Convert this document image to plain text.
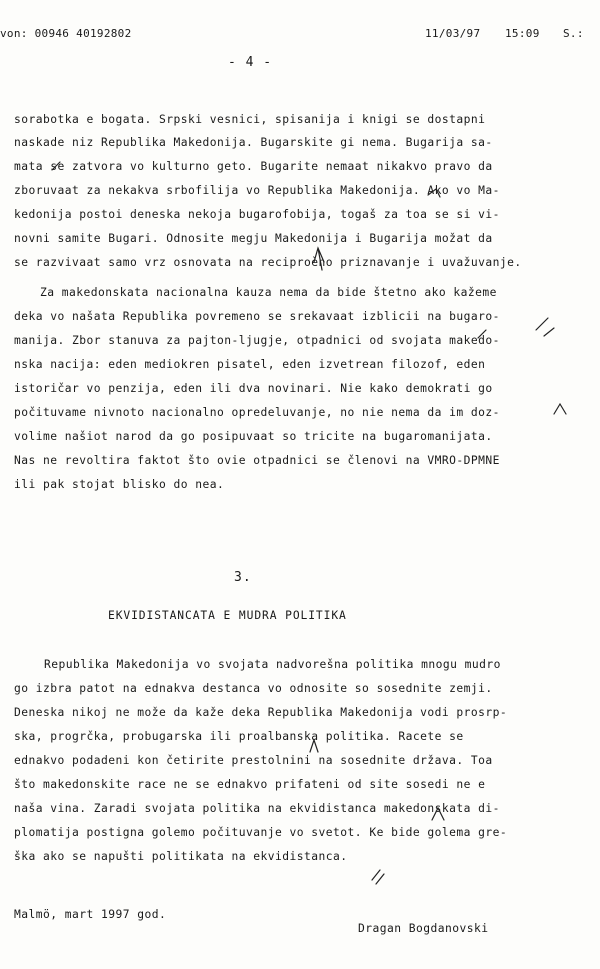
von: 00946 40192802	11/03/97 15:09 S.:
- 4 -
sorabotka e bogata. Srpski vesnici, spisanija i knigi se dostapni
naskade niz Republika Makedonija. Bugarskite gi nema. Bugarija sa-
mata se zatvora vo kulturno geto. Bugarite nemaat nikakvo pravo da
zboruvaat za nekakva srbofilija vo Republika Makedonija. Ako vo Ma-
kedonija postoi deneska nekoja bugarofobija, togaš za toa se si vi-
novni samite Bugari. Odnosite megju Makedonija i Bugarija možat da
se razvivaat samo vrz osnovata na reciproèno priznavanje i uvažuvanje.
Za makedonskata nacionalna kauza nema da bide štetno ako kažeme
deka vo našata Republika povremeno se srekavaat izblicii na bugaro-
manija. Zbor stanuva za pajton-ljugje, otpadnici od svojata makedo-
nska nacija: eden mediokren pisatel, eden izvetrean filozof, eden
istoričar vo penzija, eden ili dva novinari. Nie kako demokrati go
počituvame nivnoto nacionalno opredeluvanje, no nie nema da im doz-
volime našiot narod da go posipuvaat so tricite na bugaromanijata.
Nas ne revoltira faktot što ovie otpadnici se členovi na VMRO-DPMNE
ili pak stojat blisko do nea.
Republika Makedonija vo svojata nadvorešna politika mnogu mudro
go izbra patot na ednakva destanca vo odnosite so sosednite zemji.
Deneska nikoj ne može da kaže deka Republika Makedonija vodi prosrp-
ska, progrčka, probugarska ili proalbanska politika. Racete se
ednakvo podadeni kon četirite prestolnini na sosednite država. Toa
što makedonskite race ne se ednakvo prifateni od site sosedi ne e
naša vina. Zaradi svojata politika na ekvidistanca makedonskata di-
plomatija postigna golemo počituvanje vo svetot. Ke bide golema gre-
ška ako se napušti politikata na ekvidistanca.
3.
EKVIDISTANCATA E MUDRA POLITIKA
Malmö, mart 1997 god.
Dragan Bogdanovski
